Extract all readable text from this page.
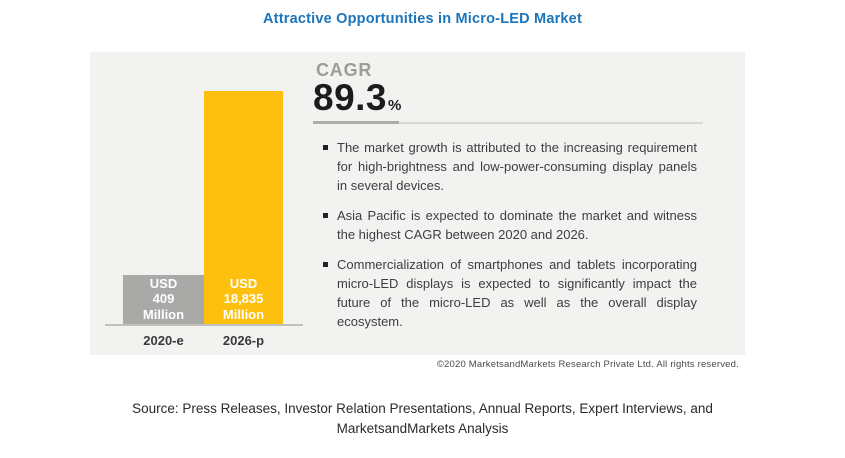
Attractive Opportunities in Micro-LED Market
USD
409
Million
USD
18,835
Million
2020-e	2026-p
CAGR
89.3%
The market growth is attributed to the increasing requirement for high-brightness and low-power-consuming display panels in several devices.
Asia Pacific is expected to dominate the market and witness the highest CAGR between 2020 and 2026.
Commercialization of smartphones and tablets incorporating micro-LED displays is expected to significantly impact the future of the micro-LED as well as the overall display ecosystem.
©2020 MarketsandMarkets Research Private Ltd. All rights reserved.
Source: Press Releases, Investor Relation Presentations, Annual Reports, Expert Interviews, and
MarketsandMarkets Analysis
